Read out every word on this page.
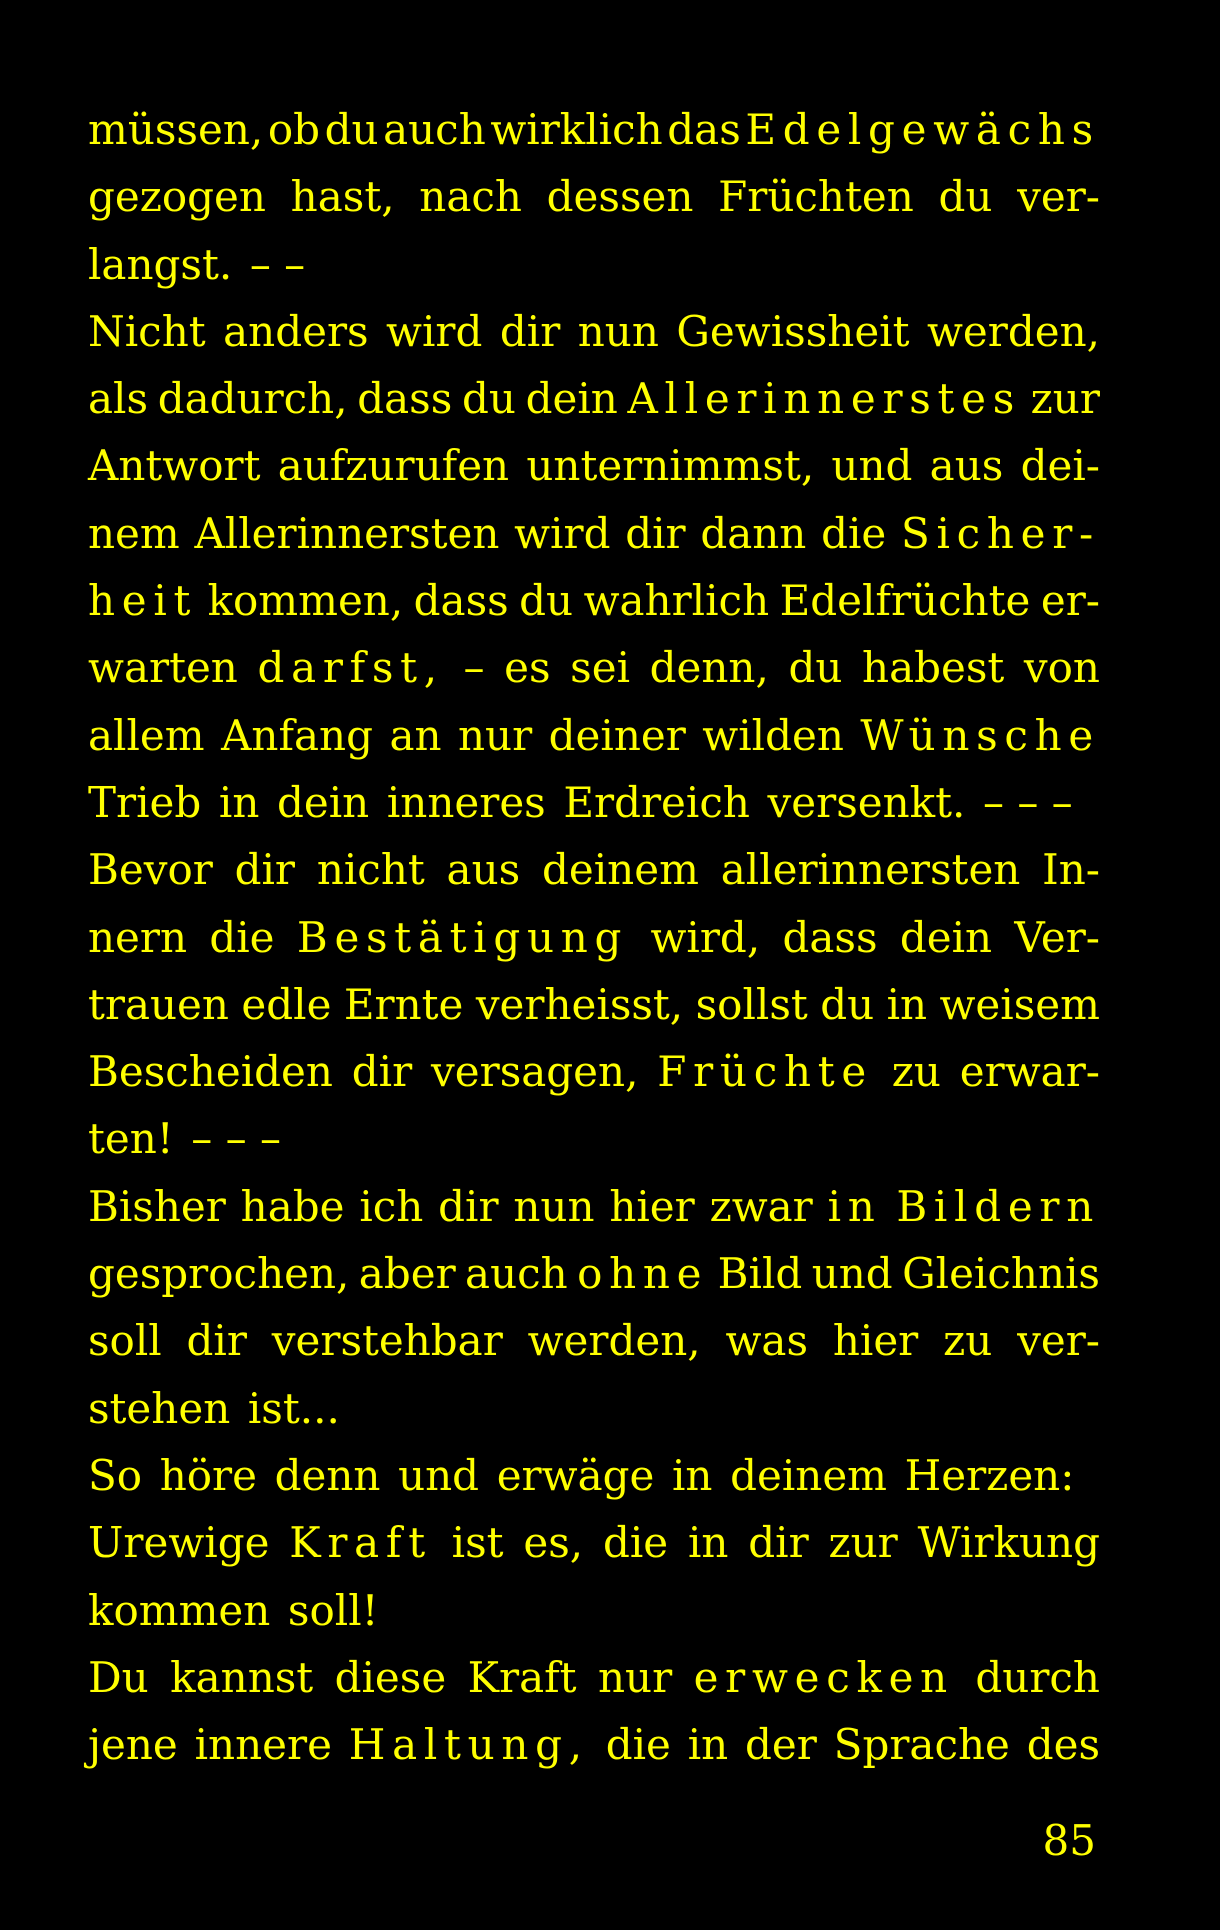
müssen, ob du auch wirklich das Edelgewächs
gezogen hast, nach dessen Früchten du ver-
langst. – –
Nicht anders wird dir nun Gewissheit werden,
als dadurch, dass du dein Allerinnerstes zur
Antwort aufzurufen unternimmst, und aus dei-
nem Allerinnersten wird dir dann die Sicher-
heit kommen, dass du wahrlich Edelfrüchte er-
warten darfst, – es sei denn, du habest von
allem Anfang an nur deiner wilden Wünsche
Trieb in dein inneres Erdreich versenkt. – – –
Bevor dir nicht aus deinem allerinnersten In-
nern die Bestätigung wird, dass dein Ver-
trauen edle Ernte verheisst, sollst du in weisem
Bescheiden dir versagen, Früchte zu erwar-
ten! – – –
Bisher habe ich dir nun hier zwar in Bildern
gesprochen, aber auch ohne Bild und Gleichnis
soll dir verstehbar werden, was hier zu ver-
stehen ist...
So höre denn und erwäge in deinem Herzen:
Urewige Kraft ist es, die in dir zur Wirkung
kommen soll!
Du kannst diese Kraft nur erwecken durch
jene innere Haltung, die in der Sprache des
85
